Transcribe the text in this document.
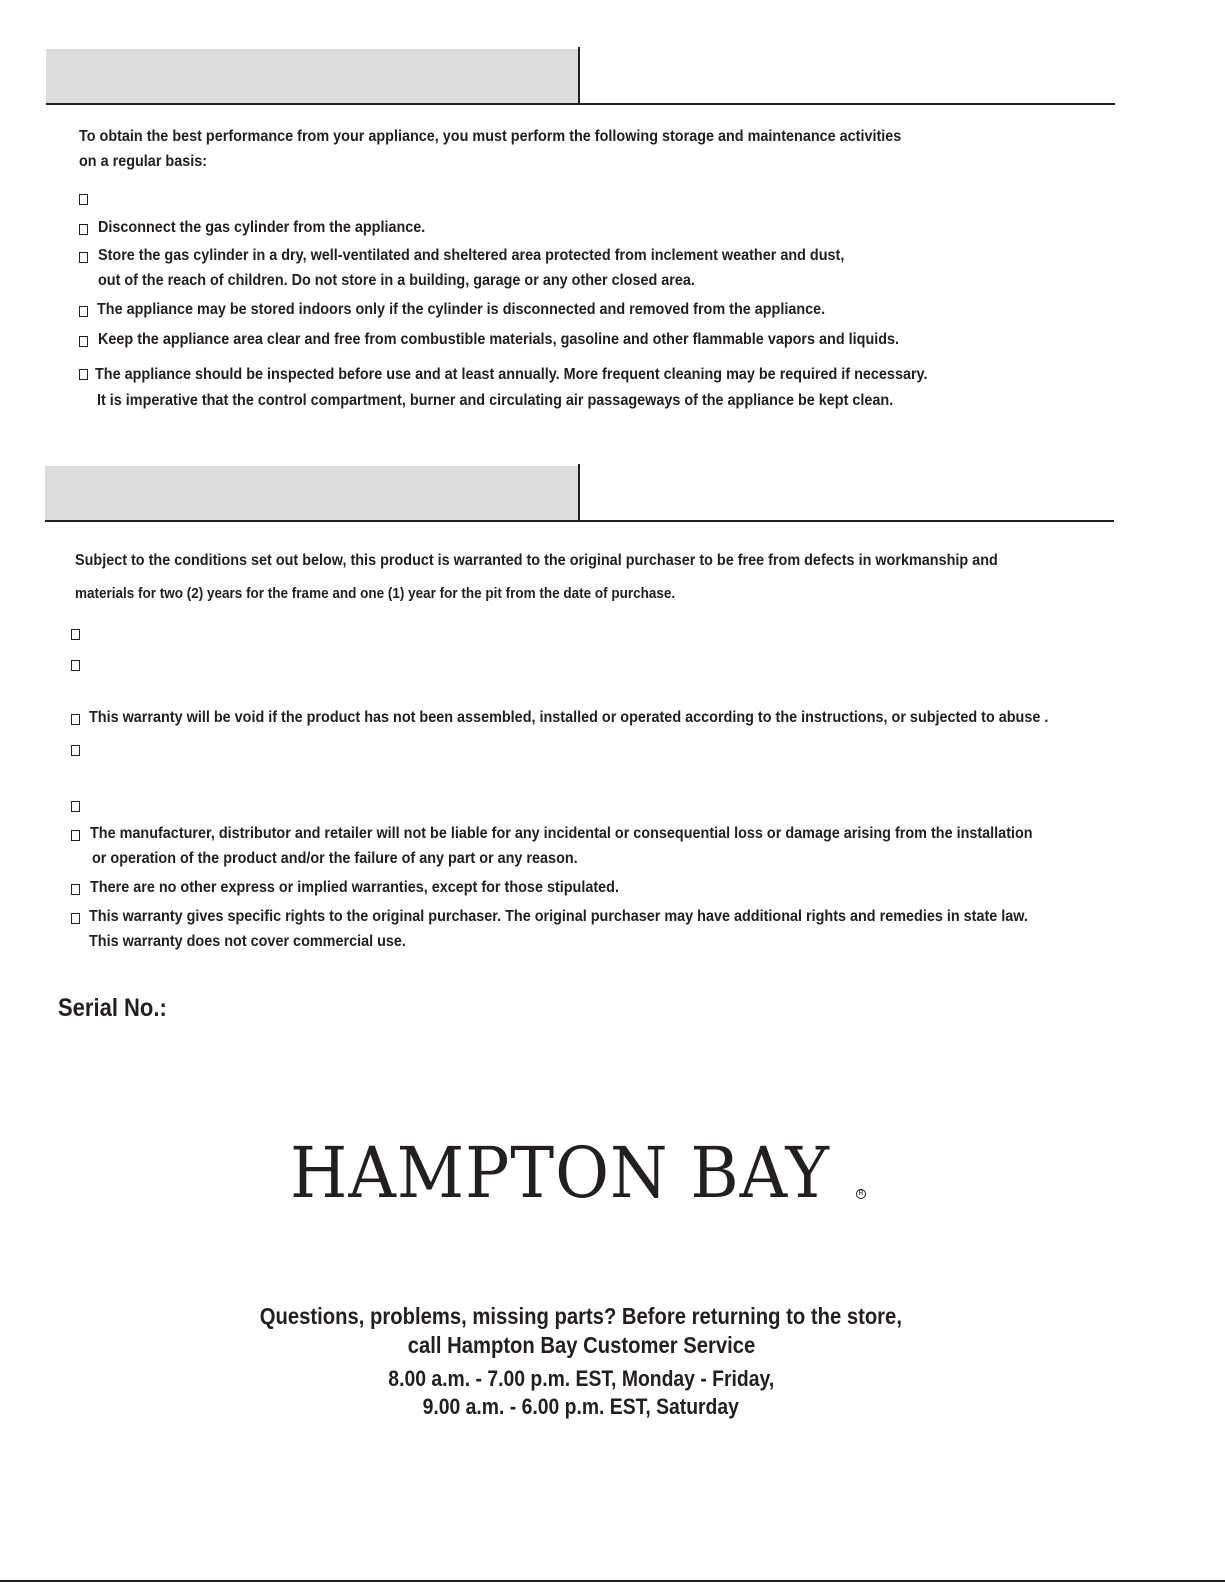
To obtain the best performance from your appliance, you must perform the following storage and maintenance activities
on a regular basis:
Disconnect the gas cylinder from the appliance.
Store the gas cylinder in a dry, well-ventilated and sheltered area protected from inclement weather and dust,
out of the reach of children. Do not store in a building, garage or any other closed area.
The appliance may be stored indoors only if the cylinder is disconnected and removed from the appliance.
Keep the appliance area clear and free from combustible materials, gasoline and other flammable vapors and liquids.
The appliance should be inspected before use and at least annually. More frequent cleaning may be required if necessary.
It is imperative that the control compartment, burner and circulating air passageways of the appliance be kept clean.
Subject to the conditions set out below, this product is warranted to the original purchaser to be free from defects in workmanship and
materials for two (2) years for the frame and one (1) year for the pit from the date of purchase.
This warranty will be void if the product has not been assembled, installed or operated according to the instructions, or subjected to abuse .
The manufacturer, distributor and retailer will not be liable for any incidental or consequential loss or damage arising from the installation
or operation of the product and/or the failure of any part or any reason.
There are no other express or implied warranties, except for those stipulated.
This warranty gives specific rights to the original purchaser. The original purchaser may have additional rights and remedies in state law.
This warranty does not cover commercial use.
Serial No.:
HAMPTON BAY	R
Questions, problems, missing parts? Before returning to the store,
call Hampton Bay Customer Service
8.00 a.m. - 7.00 p.m. EST, Monday - Friday,
9.00 a.m. - 6.00 p.m. EST, Saturday
